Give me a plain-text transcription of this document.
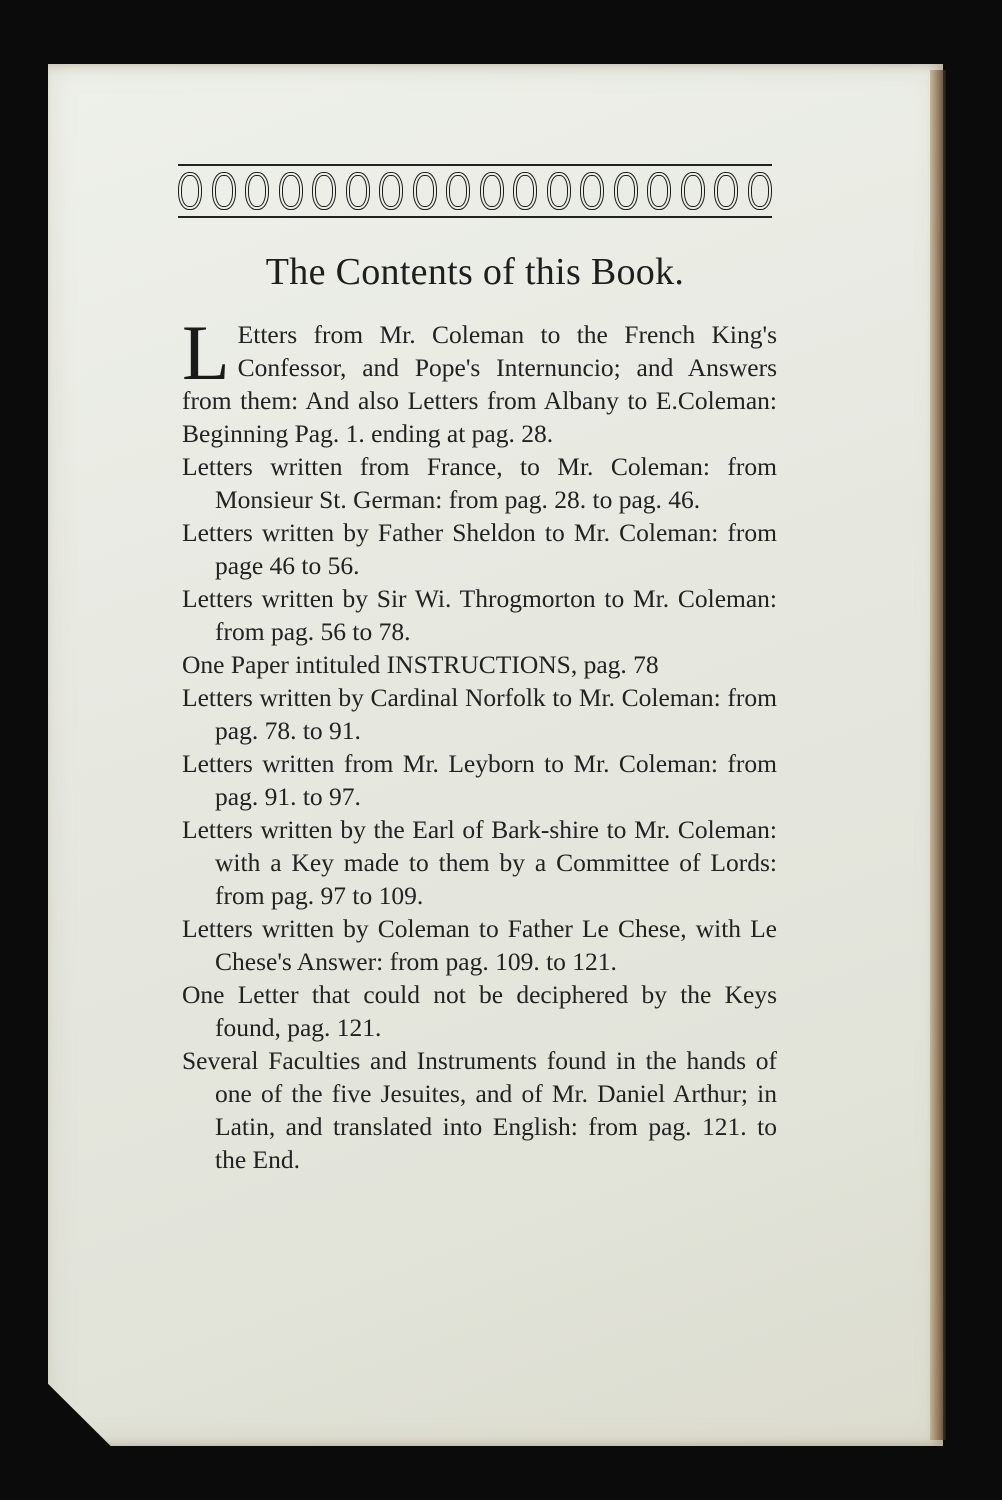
The Contents of this Book.
L Etters from Mr. Coleman to the French King's Confessor, and Pope's Internuncio; and Answers from them: And also Letters from Albany to E.Coleman: Beginning Pag. 1. ending at pag. 28.
Letters written from France, to Mr. Coleman: from Monsieur St. German: from pag. 28. to pag. 46.
Letters written by Father Sheldon to Mr. Coleman: from page 46 to 56.
Letters written by Sir Wi. Throgmorton to Mr. Coleman: from pag. 56 to 78.
One Paper intituled INSTRUCTIONS, pag. 78
Letters written by Cardinal Norfolk to Mr. Coleman: from pag. 78. to 91.
Letters written from Mr. Leyborn to Mr. Coleman: from pag. 91. to 97.
Letters written by the Earl of Bark-shire to Mr. Coleman: with a Key made to them by a Committee of Lords: from pag. 97 to 109.
Letters written by Coleman to Father Le Chese, with Le Chese's Answer: from pag. 109. to 121.
One Letter that could not be deciphered by the Keys found, pag. 121.
Several Faculties and Instruments found in the hands of one of the five Jesuites, and of Mr. Daniel Arthur; in Latin, and translated into English: from pag. 121. to the End.
